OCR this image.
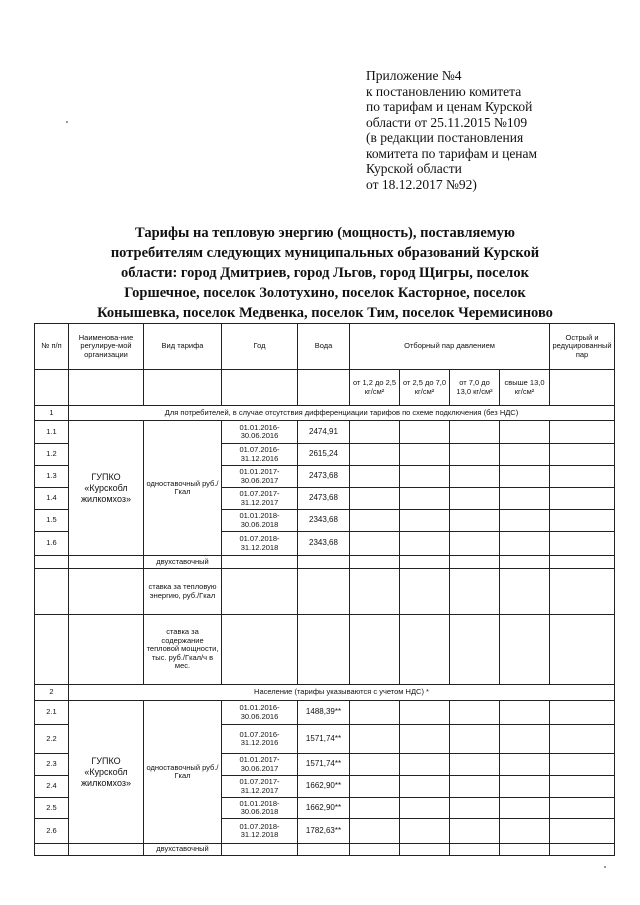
Приложение №4
к постановлению комитета
по тарифам и ценам Курской
области от 25.11.2015 №109
(в редакции постановления
комитета по тарифам и ценам
Курской области
от 18.12.2017 №92)
Тарифы на тепловую энергию (мощность), поставляемую
потребителям следующих муниципальных образований Курской
области: город Дмитриев, город Льгов, город Щигры, поселок
Горшечное, поселок Золотухино, поселок Касторное, поселок
Конышевка, поселок Медвенка, поселок Тим, поселок Черемисиново
№ п/п	Наименова-ние регулируе-мой организации	Вид тарифа	Год	Вода	Отборный пар давлением				Острый и редуцированный пар
					от 1,2 до 2,5 кг/см²	от 2,5 до 7,0 кг/см²	от 7,0 до 13,0 кг/см²	свыше 13,0 кг/см²	
1	Для потребителей, в случае отсутствия дифференциации тарифов по схеме подключения (без НДС)								
1.1	ГУПКО «Курскобл жилкомхоз»	одноставочный руб./Гкал	01.01.2016-30.06.2016	2474,91					
1.2			01.07.2016-31.12.2016	2615,24					
1.3			01.01.2017-30.06.2017	2473,68					
1.4			01.07.2017-31.12.2017	2473,68					
1.5			01.01.2018-30.06.2018	2343,68					
1.6			01.07.2018-31.12.2018	2343,68					
		двухставочный							
		ставка за тепловую энергию, руб./Гкал							
		ставка за содержание тепловой мощности, тыс. руб./Гкал/ч в мес.							
2	Население (тарифы указываются с учетом НДС) *								
2.1	ГУПКО «Курскобл жилкомхоз»	одноставочный руб./Гкал	01.01.2016-30.06.2016	1488,39**					
2.2			01.07.2016-31.12.2016	1571,74**					
2.3			01.01.2017-30.06.2017	1571,74**					
2.4			01.07.2017-31.12.2017	1662,90**					
2.5			01.01.2018-30.06.2018	1662,90**					
2.6			01.07.2018-31.12.2018	1782,63**					
		двухставочный							
